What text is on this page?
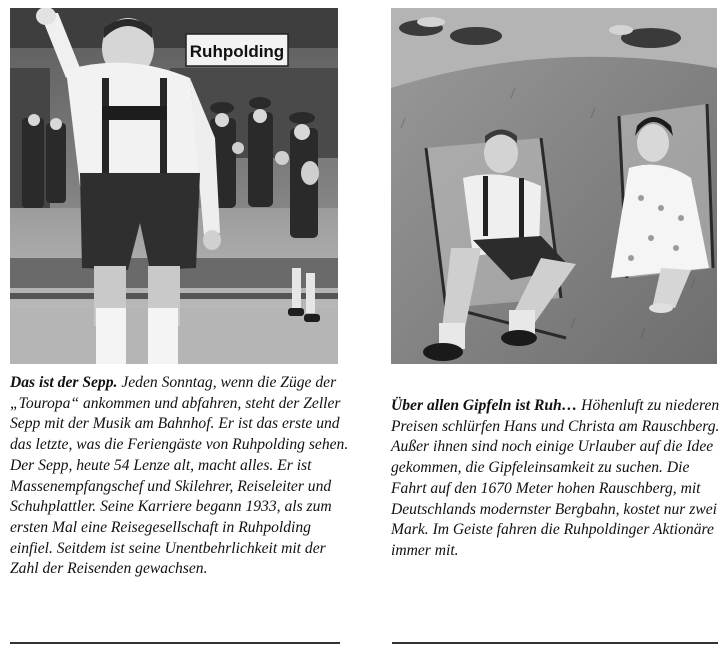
Ruhpolding

Das ist der Sepp. Jeden Sonntag, wenn die Züge der „Touropa“ ankommen und abfahren, steht der Zeller Sepp mit der Musik am Bahnhof. Er ist das erste und das letzte, was die Feriengäste von Ruhpolding sehen. Der Sepp, heute 54 Lenze alt, macht alles. Er ist Massenempfangschef und Skilehrer, Reiseleiter und Schuhplattler. Seine Karriere begann 1933, als zum ersten Mal eine Reisegesellschaft in Ruhpolding einfiel. Seitdem ist seine Unentbehrlichkeit mit der Zahl der Reisenden gewachsen.

Über allen Gipfeln ist Ruh… Höhenluft zu niederen Preisen schlürfen Hans und Christa am Rauschberg. Außer ihnen sind noch einige Urlauber auf die Idee gekommen, die Gipfeleinsamkeit zu suchen. Die Fahrt auf den 1670 Meter hohen Rauschberg, mit Deutschlands modernster Bergbahn, kostet nur zwei Mark. Im Geiste fahren die Ruhpoldinger Aktionäre immer mit.
